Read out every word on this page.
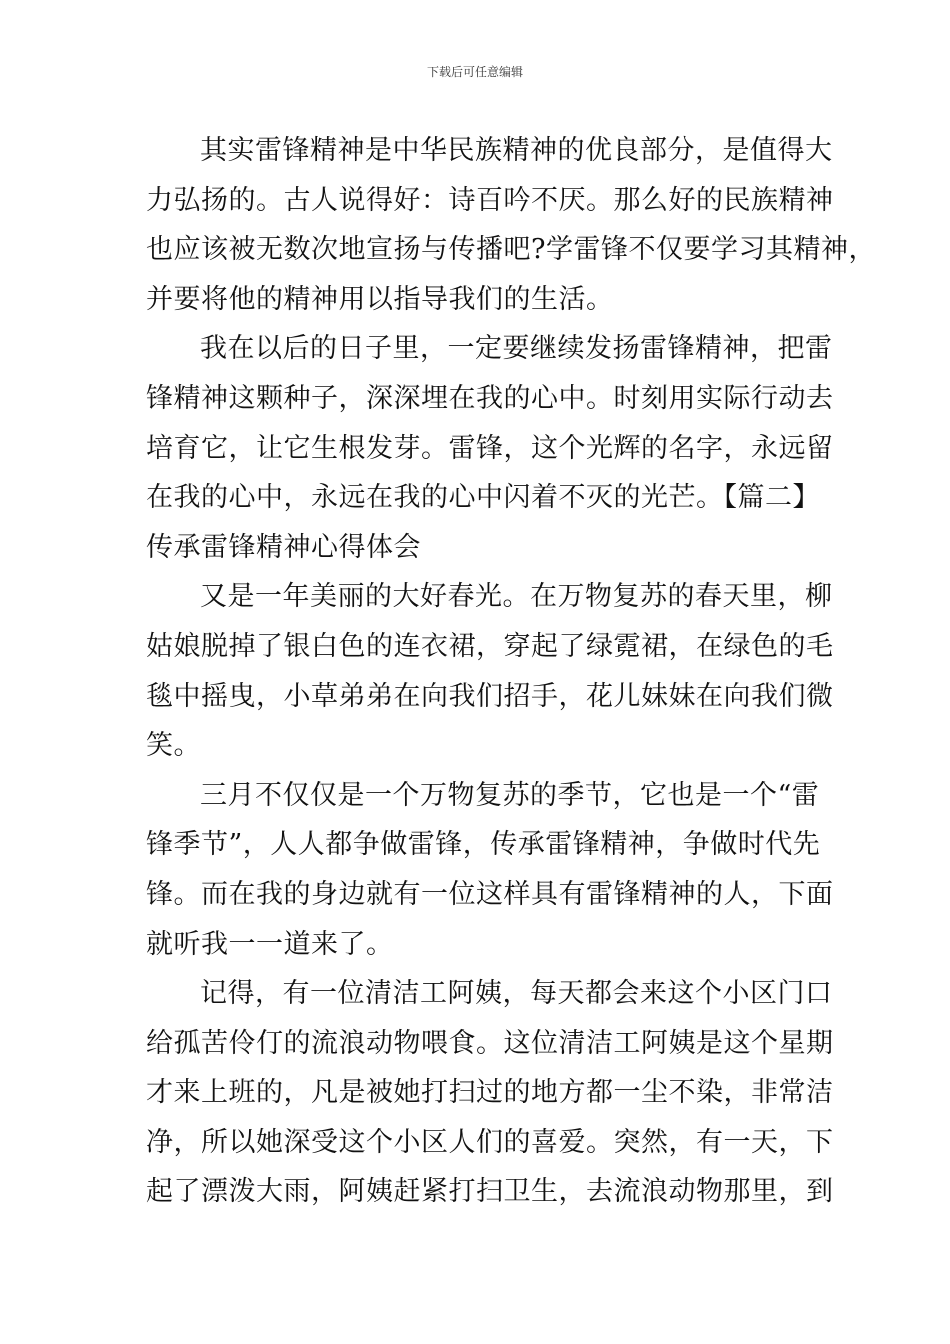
下载后可任意编辑
其实雷锋精神是中华民族精神的优良部分，是值得大
力弘扬的。古人说得好：诗百吟不厌。那么好的民族精神
也应该被无数次地宣扬与传播吧?学雷锋不仅要学习其精神，
并要将他的精神用以指导我们的生活。
我在以后的日子里，一定要继续发扬雷锋精神，把雷
锋精神这颗种子，深深埋在我的心中。时刻用实际行动去
培育它，让它生根发芽。雷锋，这个光辉的名字，永远留
在我的心中，永远在我的心中闪着不灭的光芒。【篇二】
传承雷锋精神心得体会
又是一年美丽的大好春光。在万物复苏的春天里，柳
姑娘脱掉了银白色的连衣裙，穿起了绿霓裙，在绿色的毛
毯中摇曳，小草弟弟在向我们招手，花儿妹妹在向我们微
笑。
三月不仅仅是一个万物复苏的季节，它也是一个“雷
锋季节”，人人都争做雷锋，传承雷锋精神，争做时代先
锋。而在我的身边就有一位这样具有雷锋精神的人，下面
就听我一一道来了。
记得，有一位清洁工阿姨，每天都会来这个小区门口
给孤苦伶仃的流浪动物喂食。这位清洁工阿姨是这个星期
才来上班的，凡是被她打扫过的地方都一尘不染，非常洁
净，所以她深受这个小区人们的喜爱。突然，有一天，下
起了漂泼大雨，阿姨赶紧打扫卫生，去流浪动物那里，到
